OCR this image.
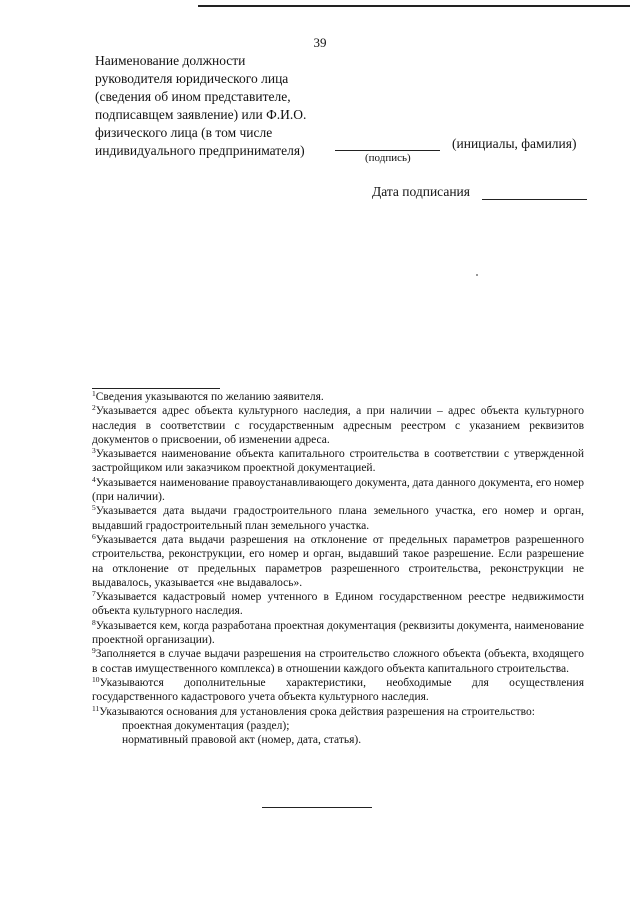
39
Наименование должности
руководителя юридического лица
(сведения об ином представителе,
подписавщем заявление) или Ф.И.О.
физического лица (в том числе
индивидуального предпринимателя)	(подпись)
(инициалы, фамилия)
Дата подписания

$^1$Сведения указываются по желанию заявителя.

$^2$Указывается адрес объекта культурного наследия, а при наличии – адрес объекта культурного наследия в соответствии с государственным адресным реестром с указанием реквизитов документов о присвоении, об изменении адреса.

$^3$Указывается наименование объекта капитального строительства в соответствии с утвержденной застройщиком или заказчиком проектной документацией.

$^4$Указывается наименование правоустанавливающего документа, дата данного документа, его номер (при наличии).

$^5$Указывается дата выдачи градостроительного плана земельного участка, его номер и орган, выдавший градостроительный план земельного участка.

$^6$Указывается дата выдачи разрешения на отклонение от предельных параметров разрешенного строительства, реконструкции, его номер и орган, выдавший такое разрешение. Если разрешение на отклонение от предельных параметров разрешенного строительства, реконструкции не выдавалось, указывается «не выдавалось».

$^7$Указывается кадастровый номер учтенного в Едином государственном реестре недвижимости объекта культурного наследия.

$^8$Указывается кем, когда разработана проектная документация (реквизиты документа, наименование проектной организации).

$^9$Заполняется в случае выдачи разрешения на строительство сложного объекта (объекта, входящего в состав имущественного комплекса) в отношении каждого объекта капитального строительства.

$^{10}$Указываются дополнительные характеристики, необходимые для осуществления государственного кадастрового учета объекта культурного наследия.

$^{11}$Указываются основания для установления срока действия разрешения на строительство:

проектная документация (раздел);

нормативный правовой акт (номер, дата, статья).
